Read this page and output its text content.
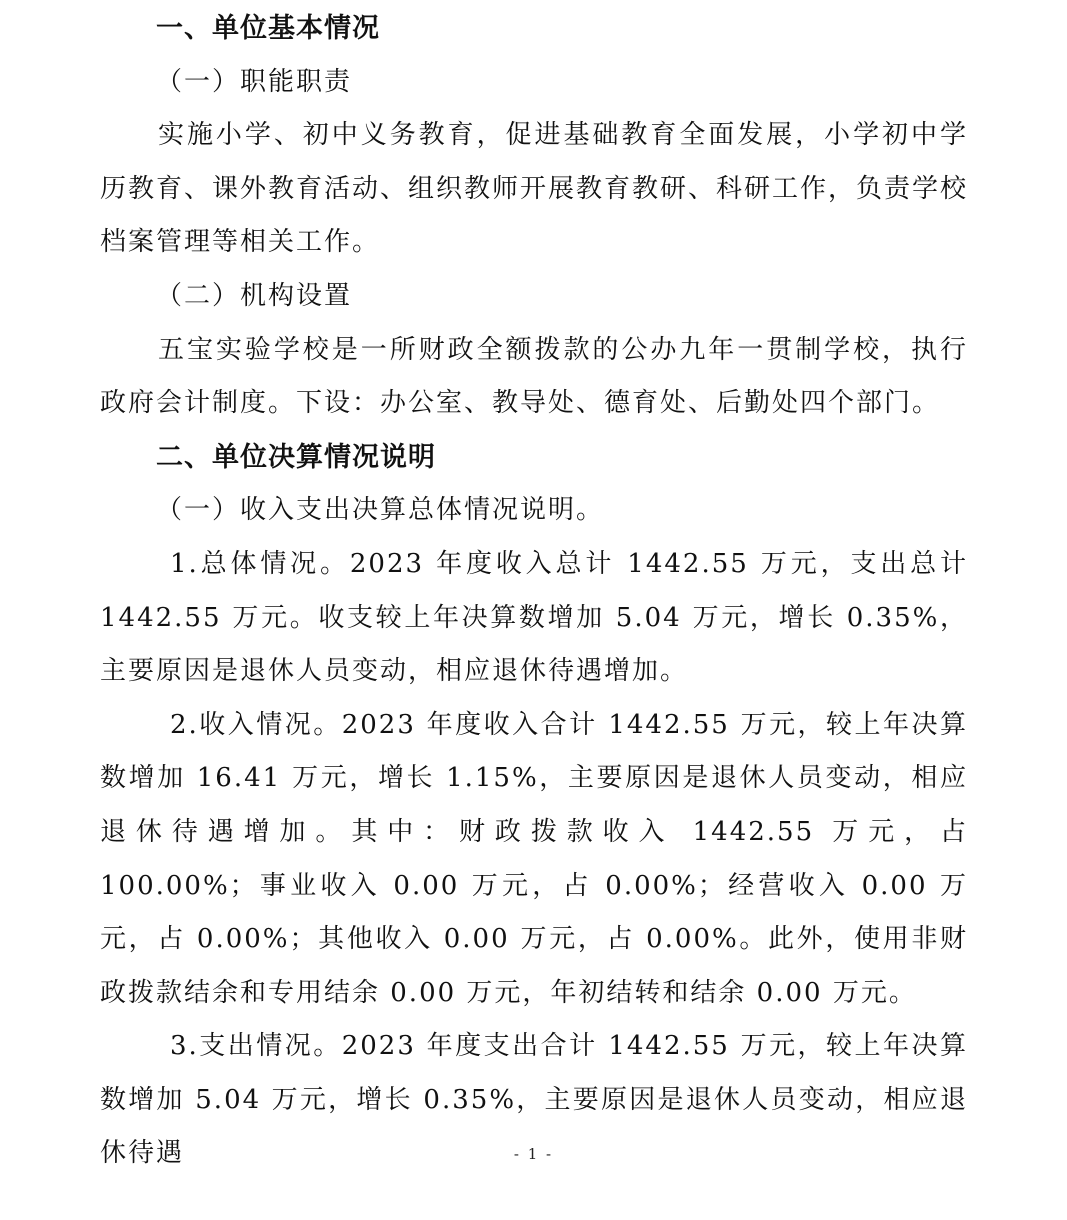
一、单位基本情况
（一）职能职责
实施小学、初中义务教育，促进基础教育全面发展，小学初中学历教育、课外教育活动、组织教师开展教育教研、科研工作，负责学校档案管理等相关工作。
（二）机构设置
五宝实验学校是一所财政全额拨款的公办九年一贯制学校，执行政府会计制度。下设：办公室、教导处、德育处、后勤处四个部门。
二、单位决算情况说明
（一）收入支出决算总体情况说明。
1.总体情况。2023 年度收入总计 1442.55 万元，支出总计 1442.55 万元。收支较上年决算数增加 5.04 万元，增长 0.35%，主要原因是退休人员变动，相应退休待遇增加。
2.收入情况。2023 年度收入合计 1442.55 万元，较上年决算数增加 16.41 万元，增长 1.15%，主要原因是退休人员变动，相应退休待遇增加。其中：财政拨款收入 1442.55 万元，占 100.00%；事业收入 0.00 万元，占 0.00%；经营收入 0.00 万元，占 0.00%；其他收入 0.00 万元，占 0.00%。此外，使用非财政拨款结余和专用结余 0.00 万元，年初结转和结余 0.00 万元。
3.支出情况。2023 年度支出合计 1442.55 万元，较上年决算数增加 5.04 万元，增长 0.35%，主要原因是退休人员变动，相应退休待遇	- 1 -
